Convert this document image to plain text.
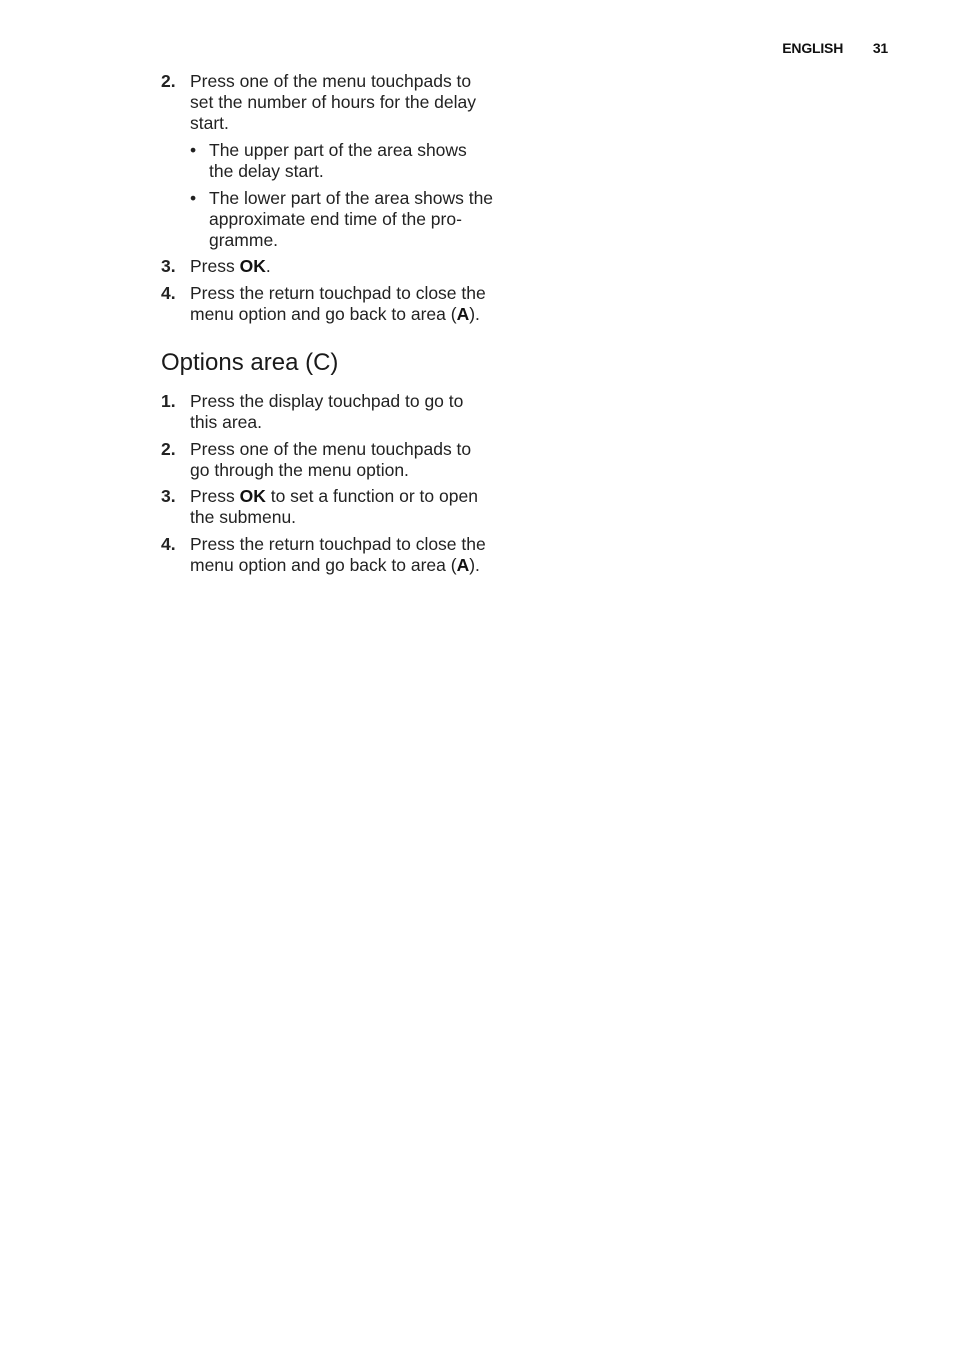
ENGLISH 31
2. Press one of the menu touchpads to
set the number of hours for the delay
start.
• The upper part of the area shows
the delay start.
• The lower part of the area shows the
approximate end time of the pro-
gramme.
3. Press OK.
4. Press the return touchpad to close the
menu option and go back to area (A).
Options area (C)
1. Press the display touchpad to go to
this area.
2. Press one of the menu touchpads to
go through the menu option.
3. Press OK to set a function or to open
the submenu.
4. Press the return touchpad to close the
menu option and go back to area (A).
